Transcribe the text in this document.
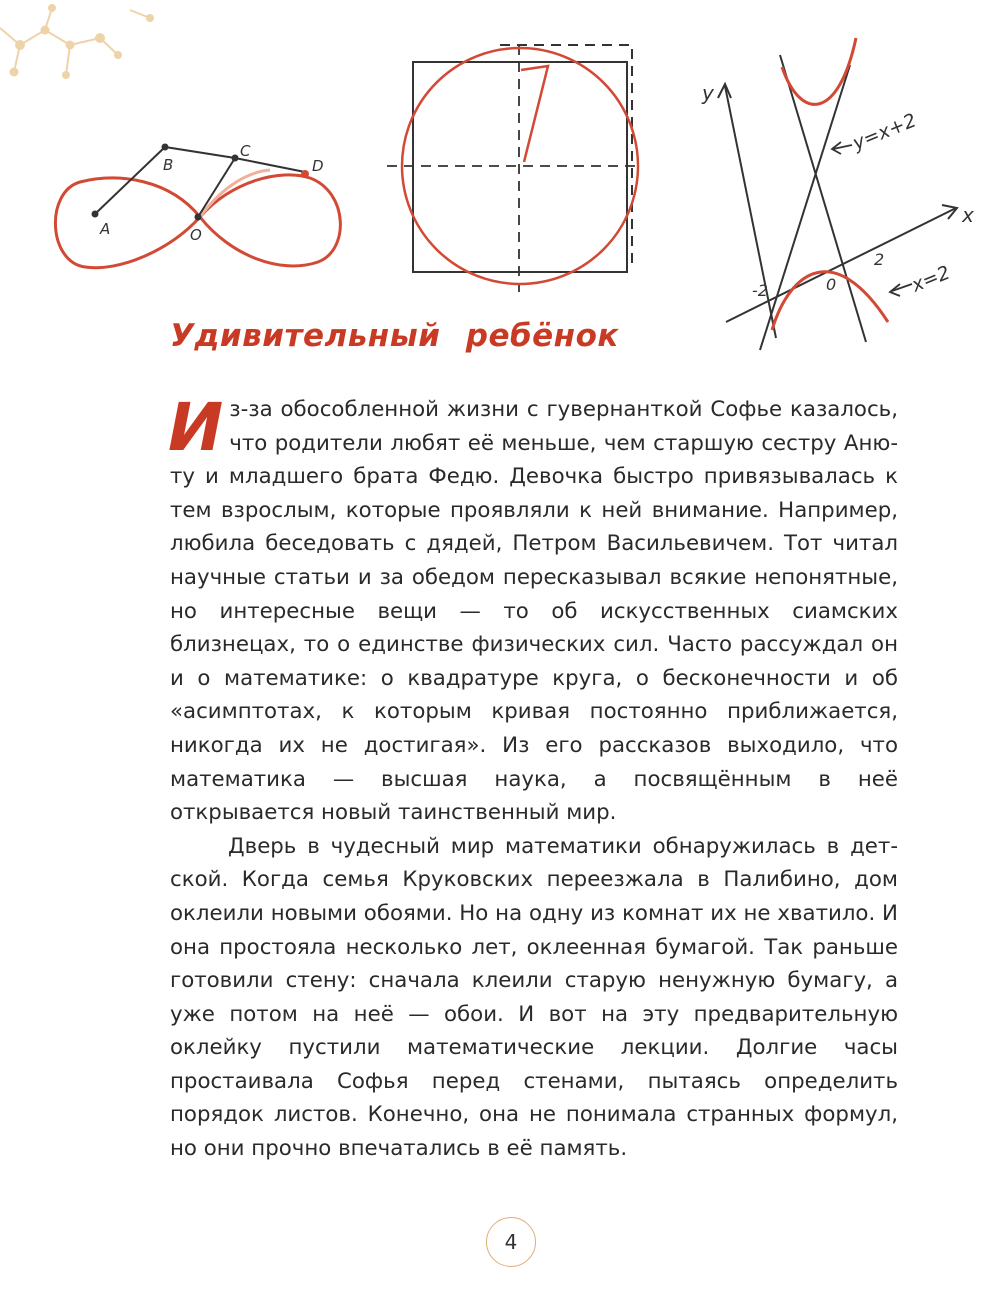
A
B
C
D
O
y
x
y=x+2
x=2
-2	0
2
Удивительный ребёнок

Из-за обособленной жизни с гувернанткой Софье казалось, что родители любят её меньше, чем старшую сестру Анюту и младшего брата Федю. Девочка быстро привязывалась к тем взрослым, которые проявляли к ней внимание. Например, любила беседовать с дядей, Петром Васильевичем. Тот читал научные статьи и за обедом пересказывал всякие непонятные, но интересные вещи — то об искусственных сиамских близнецах, то о единстве физических сил. Часто рассуждал он и о математике: о квадратуре круга, о бесконечности и об «асимптотах, к которым кривая постоянно приближается, никогда их не достигая». Из его рассказов выходило, что математика — высшая наука, а посвящённым в неё открывается новый таинственный мир.

Дверь в чудесный мир математики обнаружилась в детской. Когда семья Круковских переезжала в Палибино, дом оклеили новыми обоями. Но на одну из комнат их не хватило. И она простояла несколько лет, оклеенная бумагой. Так раньше готовили стену: сначала клеили старую ненужную бумагу, а уже потом на неё — обои. И вот на эту предварительную оклейку пустили математические лекции. Долгие часы простаивала Софья перед стенами, пытаясь определить порядок листов. Конечно, она не понимала странных формул, но они прочно впечатались в её память.

4
